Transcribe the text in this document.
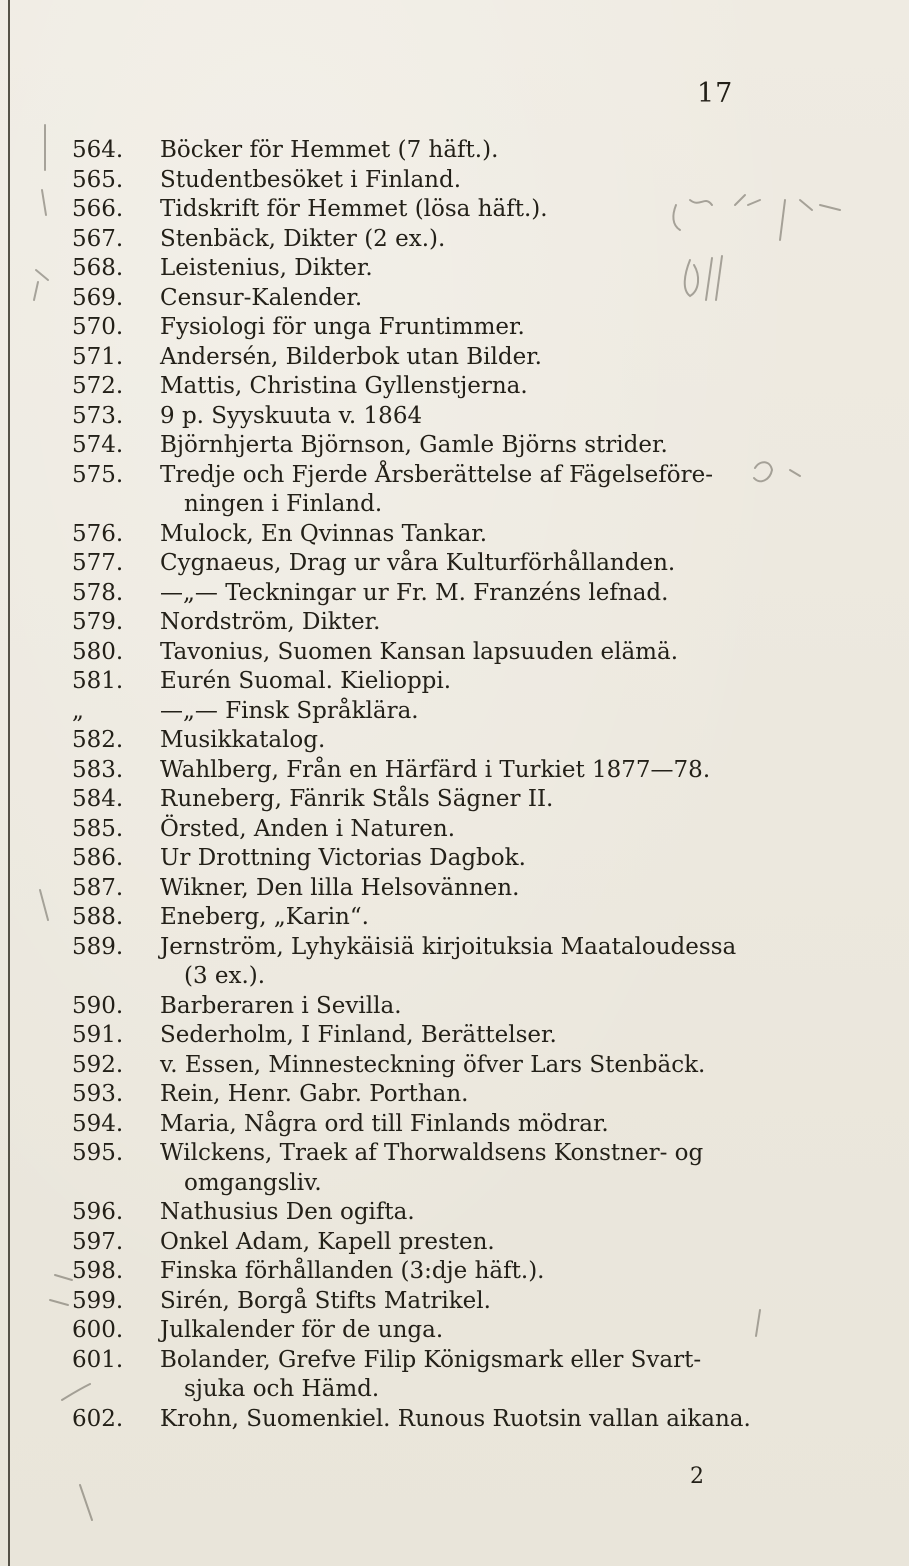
17
564.	Böcker för Hemmet (7 häft.).
565.	Studentbesöket i Finland.
566.	Tidskrift för Hemmet (lösa häft.).
567.	Stenbäck, Dikter (2 ex.).
568.	Leistenius, Dikter.
569.	Censur-Kalender.
570.	Fysiologi för unga Fruntimmer.
571.	Andersén, Bilderbok utan Bilder.
572.	Mattis, Christina Gyllenstjerna.
573.	9 p. Syyskuuta v. 1864
574.	Björnhjerta Björnson, Gamle Björns strider.
575.	Tredje och Fjerde Årsberättelse af Fägelseföre-
ningen i Finland.
576.	Mulock, En Qvinnas Tankar.
577.	Cygnaeus, Drag ur våra Kulturförhållanden.
578.	—„— Teckningar ur Fr. M. Franzéns lefnad.
579.	Nordström, Dikter.
580.	Tavonius, Suomen Kansan lapsuuden elämä.
581.	Eurén Suomal. Kielioppi.
„	—„— Finsk Språklära.
582.	Musikkatalog.
583.	Wahlberg, Från en Härfärd i Turkiet 1877—78.
584.	Runeberg, Fänrik Ståls Sägner II.
585.	Örsted, Anden i Naturen.
586.	Ur Drottning Victorias Dagbok.
587.	Wikner, Den lilla Helsovännen.
588.	Eneberg, „Karin“.
589.	Jernström, Lyhykäisiä kirjoituksia Maataloudessa
(3 ex.).
590.	Barberaren i Sevilla.
591.	Sederholm, I Finland, Berättelser.
592.	v. Essen, Minnesteckning öfver Lars Stenbäck.
593.	Rein, Henr. Gabr. Porthan.
594.	Maria, Några ord till Finlands mödrar.
595.	Wilckens, Traek af Thorwaldsens Konstner- og
omgangsliv.
596.	Nathusius Den ogifta.
597.	Onkel Adam, Kapell presten.
598.	Finska förhållanden (3:dje häft.).
599.	Sirén, Borgå Stifts Matrikel.
600.	Julkalender för de unga.
601.	Bolander, Grefve Filip Königsmark eller Svart-
sjuka och Hämd.
602.	Krohn, Suomenkiel. Runous Ruotsin vallan aikana.
2
